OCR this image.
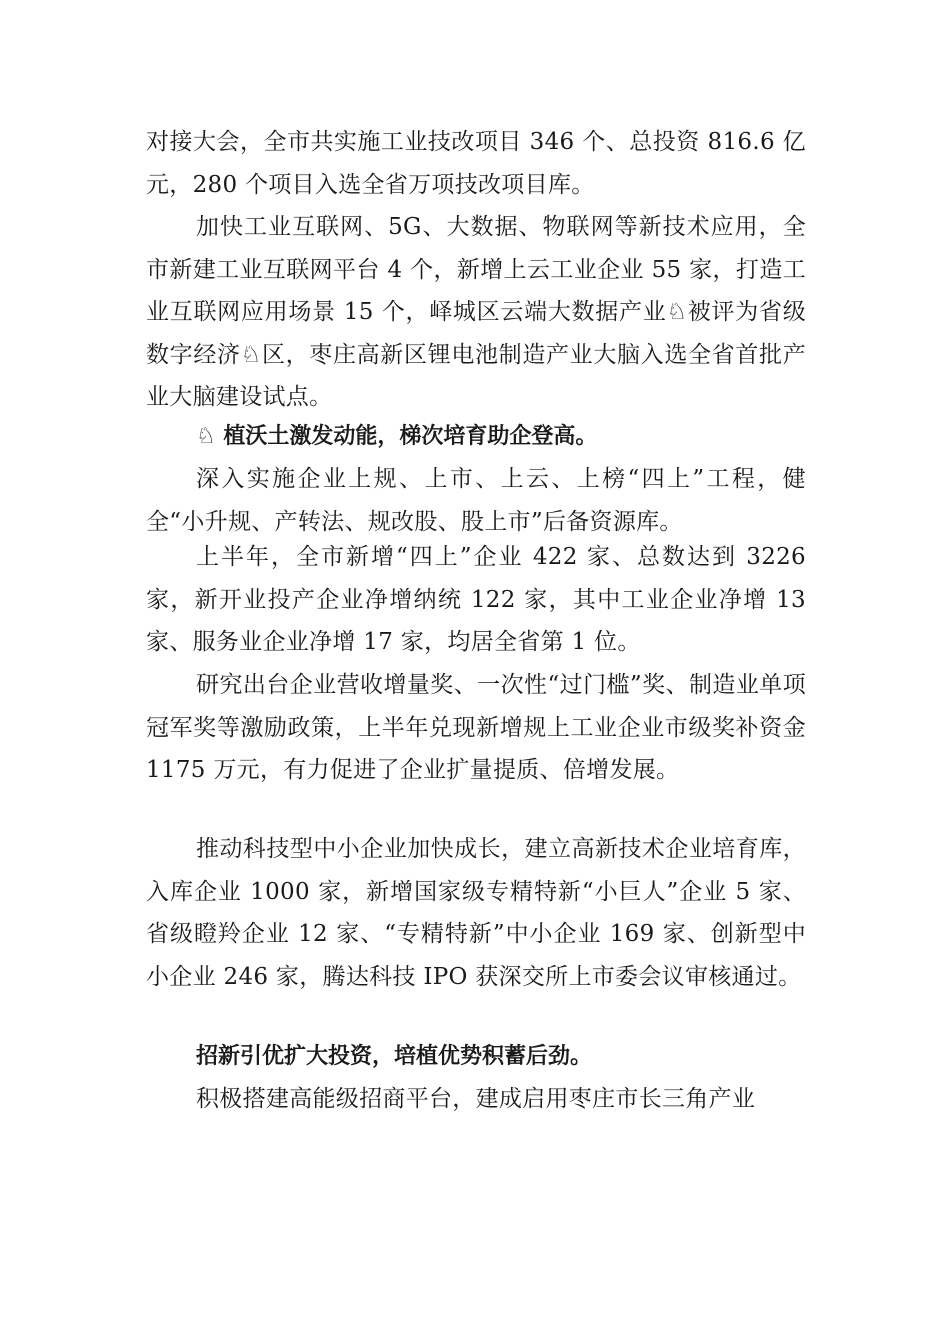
对接大会，全市共实施工业技改项目 346 个、总投资 816.6 亿元，280 个项目入选全省万项技改项目库。

加快工业互联网、5G、大数据、物联网等新技术应用，全市新建工业互联网平台 4 个，新增上云工业企业 55 家，打造工业互联网应用场景 15 个，峄城区云端大数据产业♘被评为省级数字经济♘区，枣庄高新区锂电池制造产业大脑入选全省首批产业大脑建设试点。

♘ 植沃土激发动能，梯次培育助企登高。

深入实施企业上规、上市、上云、上榜“四上”工程，健全“小升规、产转法、规改股、股上市”后备资源库。

上半年，全市新增“四上”企业 422 家、总数达到 3226 家，新开业投产企业净增纳统 122 家，其中工业企业净增 13 家、服务业企业净增 17 家，均居全省第 1 位。

研究出台企业营收增量奖、一次性“过门槛”奖、制造业单项冠军奖等激励政策，上半年兑现新增规上工业企业市级奖补资金 1175 万元，有力促进了企业扩量提质、倍增发展。

推动科技型中小企业加快成长，建立高新技术企业培育库，入库企业 1000 家，新增国家级专精特新“小巨人”企业 5 家、省级瞪羚企业 12 家、“专精特新”中小企业 169 家、创新型中小企业 246 家，腾达科技 IPO 获深交所上市委会议审核通过。

招新引优扩大投资，培植优势积蓄后劲。

积极搭建高能级招商平台，建成启用枣庄市长三角产业
